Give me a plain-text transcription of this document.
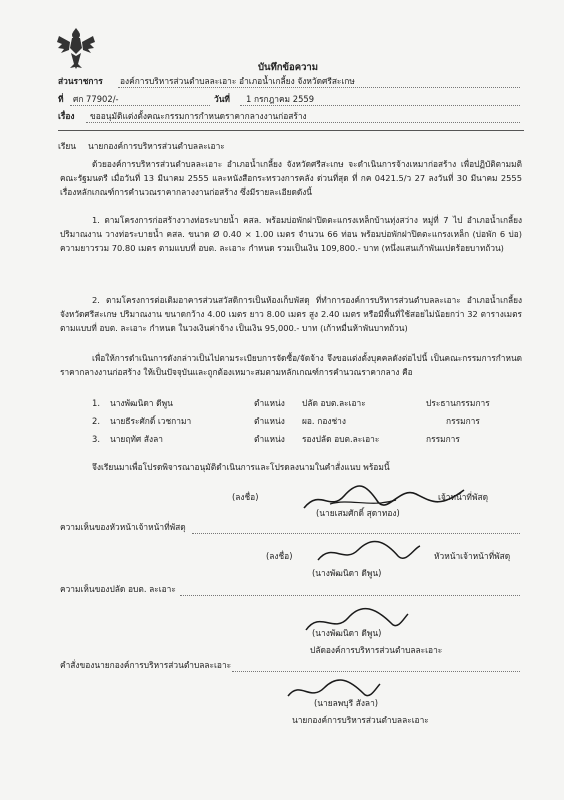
บันทึกข้อความ
ส่วนราชการ องค์การบริหารส่วนตำบลละเอาะ อำเภอน้ำเกลี้ยง จังหวัดศรีสะเกษ
ที่ ศก 77902/-	วันที่ 1 กรกฎาคม 2559
เรื่อง ขออนุมัติแต่งตั้งคณะกรรมการกำหนดราคากลางงานก่อสร้าง
เรียน นายกองค์การบริหารส่วนตำบลละเอาะ
ด้วยองค์การบริหารส่วนตำบลละเอาะ อำเภอน้ำเกลี้ยง จังหวัดศรีสะเกษ จะดำเนินการจ้างเหมาก่อสร้าง เพื่อปฏิบัติตามมติคณะรัฐมนตรี เมื่อวันที่ 13 มีนาคม 2555 และหนังสือกระทรวงการคลัง ด่วนที่สุด ที่ กค 0421.5/ว 27 ลงวันที่ 30 มีนาคม 2555 เรื่องหลักเกณฑ์การคำนวณราคากลางงานก่อสร้าง ซึ่งมีรายละเอียดดังนี้
1. ตามโครงการก่อสร้างวางท่อระบายน้ำ คสล. พร้อมบ่อพักฝาปิดตะแกรงเหล็กบ้านทุ่งสว่าง หมู่ที่ 7 ไป อำเภอน้ำเกลี้ยง ปริมาณงาน วางท่อระบายน้ำ คสล. ขนาด Ø 0.40 × 1.00 เมตร จำนวน 66 ท่อน พร้อมบ่อพักฝาปิดตะแกรงเหล็ก (บ่อพัก 6 บ่อ) ความยาวรวม 70.80 เมตร ตามแบบที่ อบต. ละเอาะ กำหนด รวมเป็นเงิน 109,800.- บาท (หนึ่งแสนเก้าพันแปดร้อยบาทถ้วน)
2. ตามโครงการต่อเติมอาคารส่วนสวัสดิการเป็นห้องเก็บพัสดุ ที่ทำการองค์การบริหารส่วนตำบลละเอาะ อำเภอน้ำเกลี้ยง จังหวัดศรีสะเกษ ปริมาณงาน ขนาดกว้าง 4.00 เมตร ยาว 8.00 เมตร สูง 2.40 เมตร หรือมีพื้นที่ใช้สอยไม่น้อยกว่า 32 ตารางเมตร ตามแบบที่ อบต. ละเอาะ กำหนด ในวงเงินค่าจ้าง เป็นเงิน 95,000.- บาท (เก้าหมื่นห้าพันบาทถ้วน)
เพื่อให้การดำเนินการดังกล่าวเป็นไปตามระเบียบการจัดซื้อ/จัดจ้าง จึงขอแต่งตั้งบุคคลดังต่อไปนี้ เป็นคณะกรรมการกำหนดราคากลางงานก่อสร้าง ให้เป็นปัจจุบันและถูกต้องเหมาะสมตามหลักเกณฑ์การคำนวณราคากลาง คือ
1. นางพัฒนิดา ดีพูน	ตำแหน่ง ปลัด อบต.ละเอาะ	ประธานกรรมการ
2. นายธีระศักดิ์ เวชกามา	ตำแหน่ง ผอ. กองช่าง	กรรมการ
3. นายฤทัศ สังลา	ตำแหน่ง รองปลัด อบต.ละเอาะ	กรรมการ
จึงเรียนมาเพื่อโปรดพิจารณาอนุมัติดำเนินการและโปรดลงนามในคำสั่งแนบ พร้อมนี้
(ลงชื่อ)	เจ้าหน้าที่พัสดุ
(นายเสมศักดิ์ สุดาทอง)
ความเห็นของหัวหน้าเจ้าหน้าที่พัสดุ
(ลงชื่อ)	หัวหน้าเจ้าหน้าที่พัสดุ
(นางพัฒนิดา ดีพูน)
ความเห็นของปลัด อบต. ละเอาะ
(นางพัฒนิดา ดีพูน)
ปลัดองค์การบริหารส่วนตำบลละเอาะ
คำสั่งของนายกองค์การบริหารส่วนตำบลละเอาะ
(นายลพบุรี สังลา)
นายกองค์การบริหารส่วนตำบลละเอาะ
